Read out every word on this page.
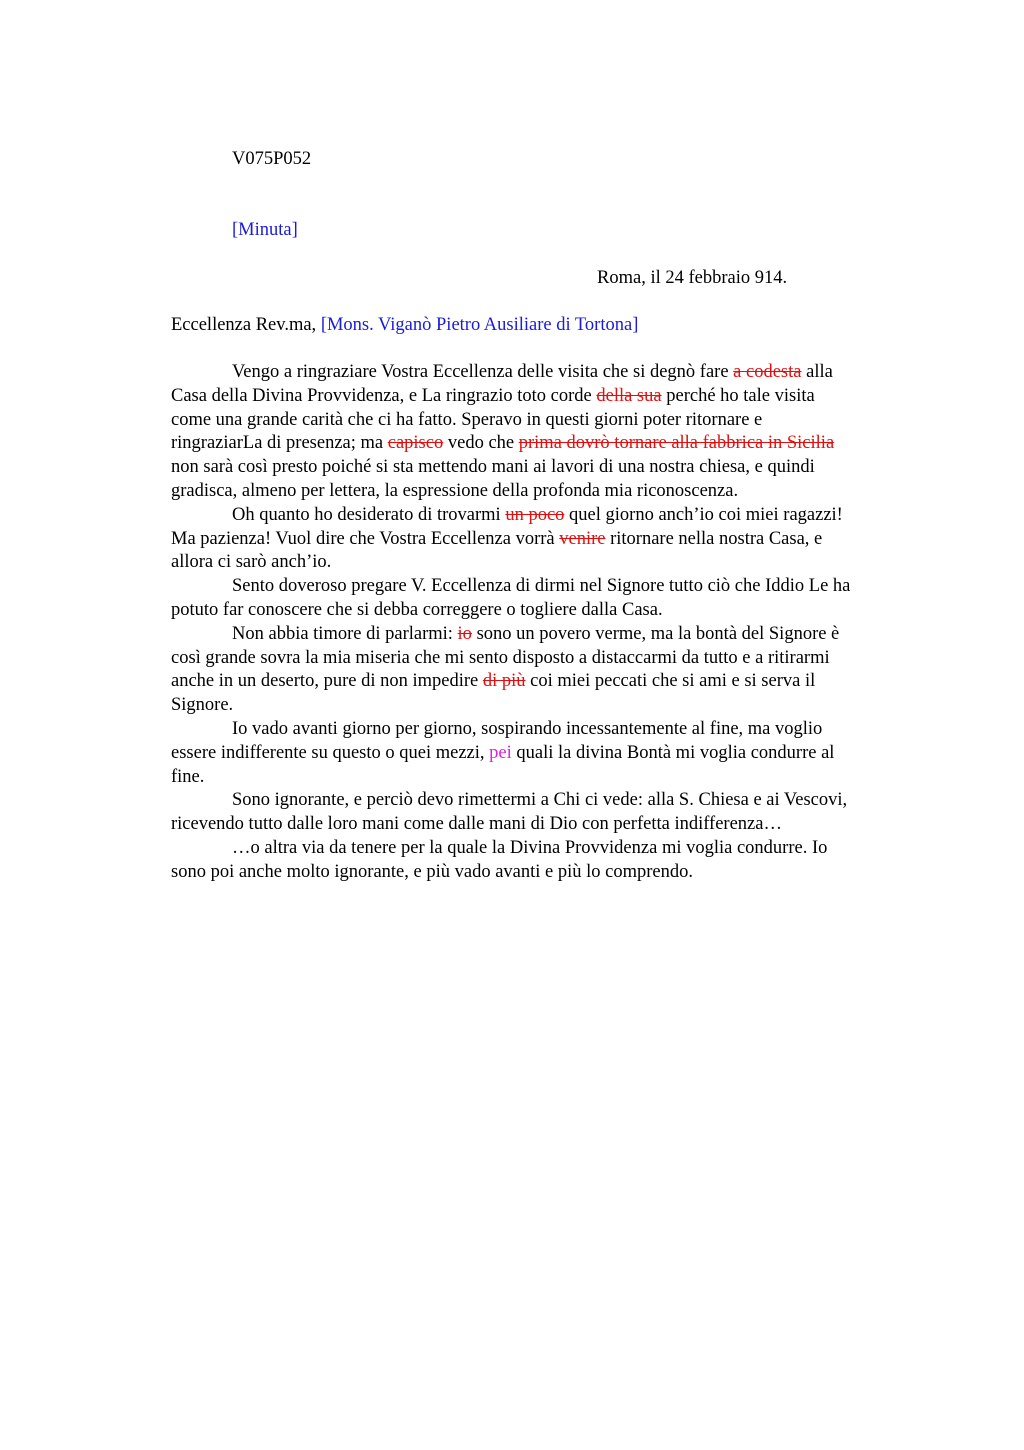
V075P052

[Minuta]

Roma, il 24 febbraio 914.

Eccellenza Rev.ma, [Mons. Viganò Pietro Ausiliare di Tortona]

Vengo a ringraziare Vostra Eccellenza delle visita che si degnò fare a codesta alla
Casa della Divina Provvidenza, e La ringrazio toto corde della sua perché ho tale visita
come una grande carità che ci ha fatto. Speravo in questi giorni poter ritornare e
ringraziarLa di presenza; ma capisco vedo che prima dovrò tornare alla fabbrica in Sicilia
non sarà così presto poiché si sta mettendo mani ai lavori di una nostra chiesa, e quindi
gradisca, almeno per lettera, la espressione della profonda mia riconoscenza.

Oh quanto ho desiderato di trovarmi un poco quel giorno anch’io coi miei ragazzi!
Ma pazienza! Vuol dire che Vostra Eccellenza vorrà venire ritornare nella nostra Casa, e
allora ci sarò anch’io.

Sento doveroso pregare V. Eccellenza di dirmi nel Signore tutto ciò che Iddio Le ha
potuto far conoscere che si debba correggere o togliere dalla Casa.

Non abbia timore di parlarmi: io sono un povero verme, ma la bontà del Signore è
così grande sovra la mia miseria che mi sento disposto a distaccarmi da tutto e a ritirarmi
anche in un deserto, pure di non impedire di più coi miei peccati che si ami e si serva il
Signore.

Io vado avanti giorno per giorno, sospirando incessantemente al fine, ma voglio
essere indifferente su questo o quei mezzi, pei quali la divina Bontà mi voglia condurre al
fine.

Sono ignorante, e perciò devo rimettermi a Chi ci vede: alla S. Chiesa e ai Vescovi,
ricevendo tutto dalle loro mani come dalle mani di Dio con perfetta indifferenza…

…o altra via da tenere per la quale la Divina Provvidenza mi voglia condurre. Io
sono poi anche molto ignorante, e più vado avanti e più lo comprendo.
